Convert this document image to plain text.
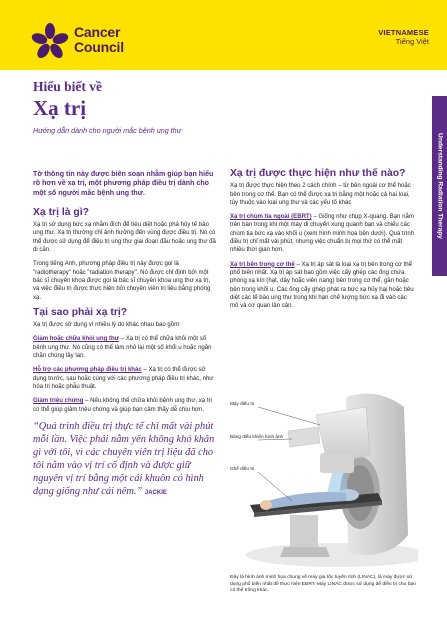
Cancer
Council
VIETNAMESE
Tiếng Việt
Hiểu biết về
Xạ trị
Hướng dẫn dành cho người mắc bệnh ung thư
Understanding Radiation Therapy
Tờ thông tin này được biên soạn nhằm giúp bạn hiểu rõ hơn về xạ trị, một phương pháp điều trị dành cho một số người mắc bệnh ung thư.
Xạ trị là gì?
Xạ trị sử dụng bức xạ nhằm đích để tiêu diệt hoặc phá hủy tế bào ung thư. Xạ trị thường chỉ ảnh hưởng đến vùng được điều trị. Nó có thể được sử dụng để điều trị ung thư giai đoạn đầu hoặc ung thư đã di căn.
Trong tiếng Anh, phương pháp điều trị này được gọi là "radiotherapy" hoặc "radiation therapy". Nó được chỉ định bởi một bác sĩ chuyên khoa được gọi là bác sĩ chuyên khoa ung thư xạ trị, và việc điều trị được thực hiện bởi chuyên viên trị liệu bằng phóng xạ.
Tại sao phải xạ trị?
Xạ trị được sử dụng vì nhiều lý do khác nhau bao gồm:
Giảm hoặc chữa khỏi ung thư – Xạ trị có thể chữa khỏi một số bệnh ung thư. Nó cũng có thể làm nhỏ lại một số khối u hoặc ngăn chặn chúng lây lan.
Hỗ trợ các phương pháp điều trị khác – Xạ trị có thể được sử dụng trước, sau hoặc cùng với các phương pháp điều trị khác, như hóa trị hoặc phẫu thuật.
Giảm triệu chứng – Nếu không thể chữa khỏi bệnh ung thư, xạ trị có thể giúp giảm triệu chứng và giúp bạn cảm thấy dễ chịu hơn.
“Quá trình điều trị thực tế chỉ mất vài phút mỗi lần. Việc phải nằm yên không khó khăn gì với tôi, vì các chuyên viên trị liệu đã cho tôi nằm vào vị trí cố định và được giữ nguyên vị trí bằng một cái khuôn có hình dạng giống như cái nêm.” JACKIE
Xạ trị được thực hiện như thế nào?
Xạ trị được thực hiện theo 2 cách chính – từ bên ngoài cơ thể hoặc bên trong cơ thể. Bạn có thể được xạ trị bằng một hoặc cả hai loại, tùy thuộc vào loại ung thư và các yếu tố khác
Xạ trị chùm tia ngoài (EBRT) – Giống như chụp X-quang. Bạn nằm trên bàn trong khi một máy di chuyển xung quanh bạn và chiếu các chùm tia bức xạ vào khối u (xem hình minh họa bên dưới). Quá trình điều trị chỉ mất vài phút, nhưng việc chuẩn bị mọi thứ có thể mất nhiều thời gian hơn.
Xạ trị bên trong cơ thể – Xạ trị áp sát là loại xạ trị bên trong cơ thể phổ biến nhất. Xạ trị áp sát bao gồm việc cấy ghép các ống chứa phóng xạ kín (hạt, dây hoặc viên nang) bên trong cơ thể, gần hoặc bên trong khối u. Các ống cấy ghép phát ra bức xạ hủy hại hoặc tiêu diệt các tế bào ung thư trong khi hạn chế lượng bức xạ đi vào các mô và cơ quan lân cận.
Máy điều trị
Bàng điều khiển hình ảnh
Ghế điều trị
Đây là hình ảnh minh họa chung về máy gia tốc tuyến tính (LINAC), là máy được sử dụng phổ biến nhất để thực hiện EBRT. Máy LINAC được sử dụng để điều trị cho bạn có thể trông khác.
